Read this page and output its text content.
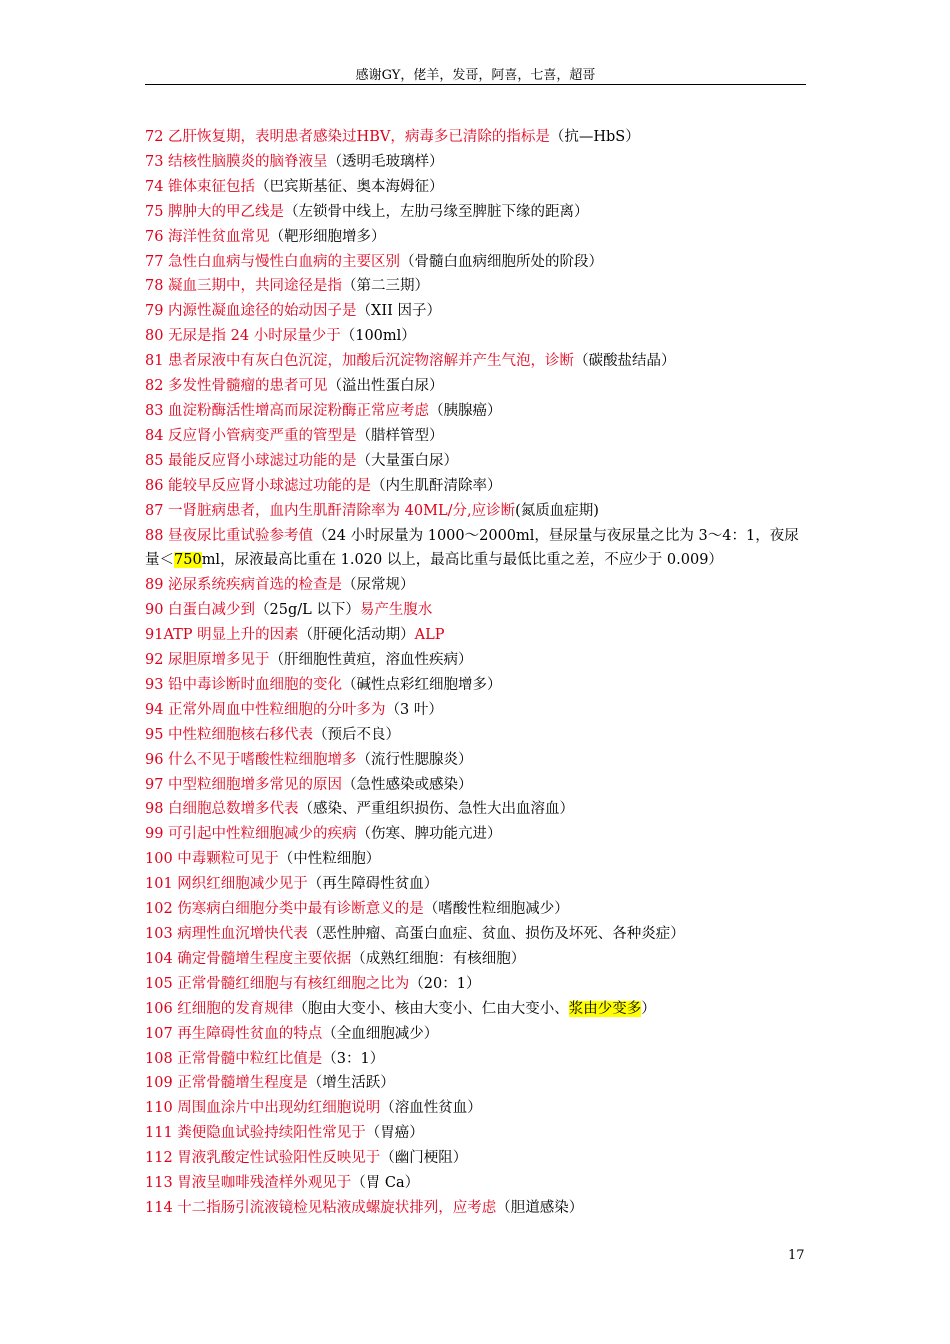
感谢GY，佬羊，发哥，阿喜，七喜，超哥

72 乙肝恢复期，表明患者感染过HBV，病毒多已清除的指标是（抗—HbS）

73 结核性脑膜炎的脑脊液呈（透明毛玻璃样）

74 锥体束征包括（巴宾斯基征、奥本海姆征）

75 脾肿大的甲乙线是（左锁骨中线上，左肋弓缘至脾脏下缘的距离）

76 海洋性贫血常见（靶形细胞增多）

77 急性白血病与慢性白血病的主要区别（骨髓白血病细胞所处的阶段）

78 凝血三期中，共同途径是指（第二三期）

79 内源性凝血途径的始动因子是（XII 因子）

80 无尿是指 24 小时尿量少于（100ml）

81 患者尿液中有灰白色沉淀，加酸后沉淀物溶解并产生气泡，诊断（碳酸盐结晶）

82 多发性骨髓瘤的患者可见（溢出性蛋白尿）

83 血淀粉酶活性增高而尿淀粉酶正常应考虑（胰腺癌）

84 反应肾小管病变严重的管型是（腊样管型）

85 最能反应肾小球滤过功能的是（大量蛋白尿）

86 能较早反应肾小球滤过功能的是（内生肌酐清除率）

87 一肾脏病患者，血内生肌酐清除率为 40ML/分,应诊断(氮质血症期)

88 昼夜尿比重试验参考值（24 小时尿量为 1000～2000ml，昼尿量与夜尿量之比为 3～4：1，夜尿量＜750ml，尿液最高比重在 1.020 以上，最高比重与最低比重之差，不应少于 0.009）

89 泌尿系统疾病首选的检查是（尿常规）

90 白蛋白减少到（25g/L 以下）易产生腹水

91ATP 明显上升的因素（肝硬化活动期）ALP

92 尿胆原增多见于（肝细胞性黄疸，溶血性疾病）

93 铅中毒诊断时血细胞的变化（碱性点彩红细胞增多）

94 正常外周血中性粒细胞的分叶多为（3 叶）

95 中性粒细胞核右移代表（预后不良）

96 什么不见于嗜酸性粒细胞增多（流行性腮腺炎）

97 中型粒细胞增多常见的原因（急性感染或感染）

98 白细胞总数增多代表（感染、严重组织损伤、急性大出血溶血）

99 可引起中性粒细胞减少的疾病（伤寒、脾功能亢进）

100 中毒颗粒可见于（中性粒细胞）

101 网织红细胞减少见于（再生障碍性贫血）

102 伤寒病白细胞分类中最有诊断意义的是（嗜酸性粒细胞减少）

103 病理性血沉增快代表（恶性肿瘤、高蛋白血症、贫血、损伤及坏死、各种炎症）

104 确定骨髓增生程度主要依据（成熟红细胞：有核细胞）

105 正常骨髓红细胞与有核红细胞之比为（20：1）

106 红细胞的发育规律（胞由大变小、核由大变小、仁由大变小、浆由少变多）

107 再生障碍性贫血的特点（全血细胞减少）

108 正常骨髓中粒红比值是（3：1）

109 正常骨髓增生程度是（增生活跃）

110 周围血涂片中出现幼红细胞说明（溶血性贫血）

111 粪便隐血试验持续阳性常见于（胃癌）

112 胃液乳酸定性试验阳性反映见于（幽门梗阻）

113 胃液呈咖啡残渣样外观见于（胃 Ca）

114 十二指肠引流液镜检见粘液成螺旋状排列，应考虑（胆道感染）

17
